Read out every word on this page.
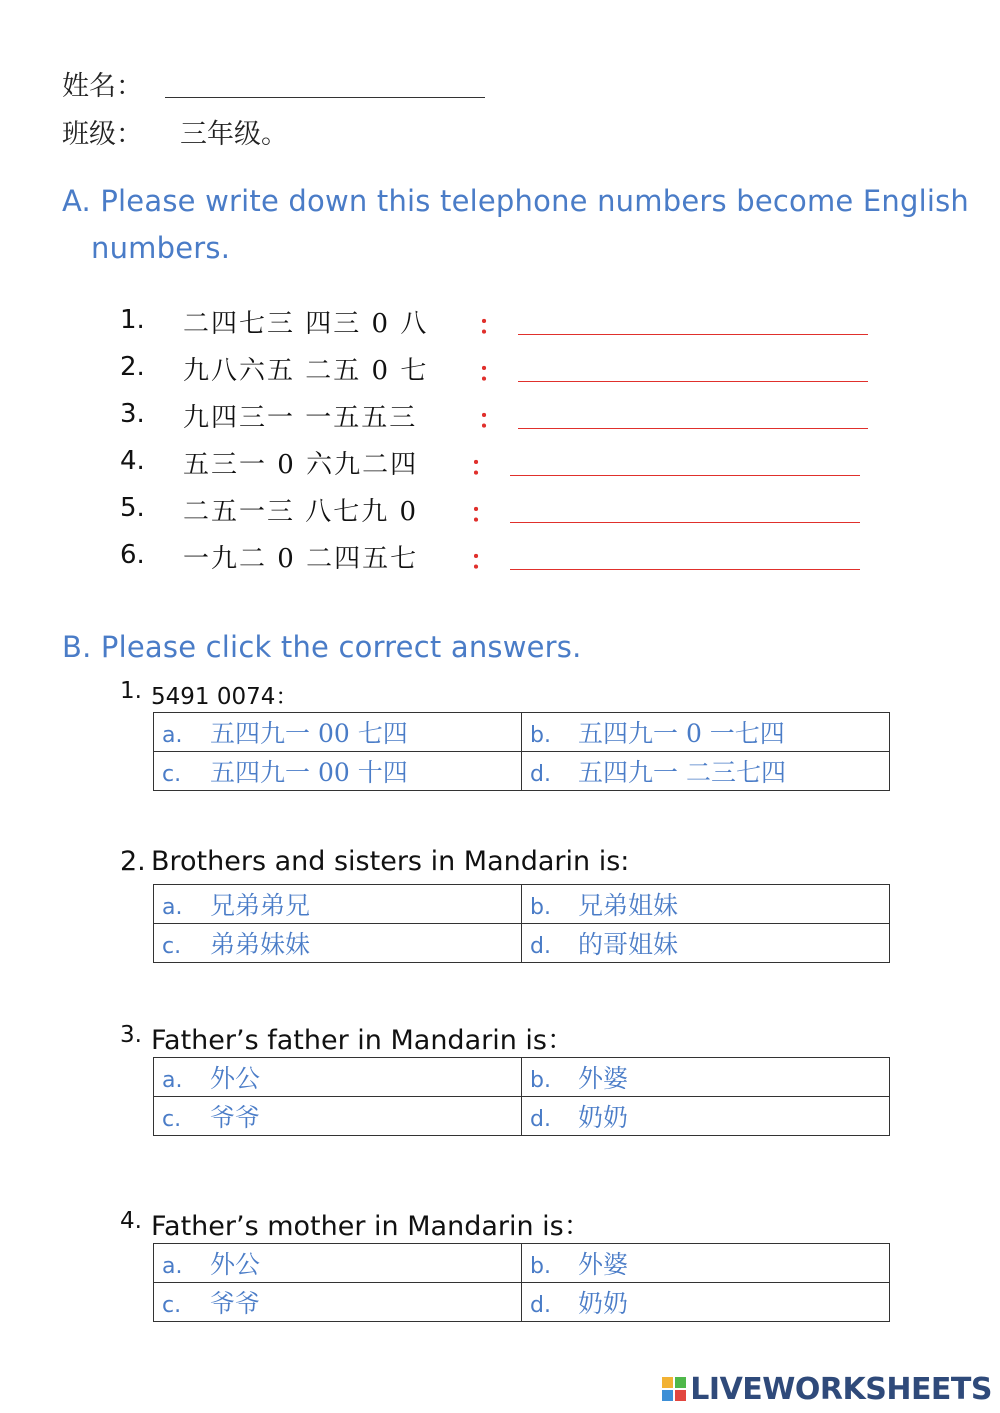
姓名：
班级： 三年级。
A. Please write down this telephone numbers become English
numbers.
1. 二四七三 四三 0 八 ：
2. 九八六五 二五 0 七 ：
3. 九四三一 一五五三 ：
4. 五三一 0 六九二四 ：
5. 二五一三 八七九 0 ：
6. 一九二 0 二四五七 ：
B. Please click the correct answers.
1. 5491 0074：
a. 五四九一 00 七四	b. 五四九一 0 一七四
c. 五四九一 00 十四	d. 五四九一 二三七四
2. Brothers and sisters in Mandarin is:
a. 兄弟弟兄	b. 兄弟姐妹
c. 弟弟妹妹	d. 的哥姐妹
3. Father’s father in Mandarin is：
a. 外公	b. 外婆
c. 爷爷	d. 奶奶
4. Father’s mother in Mandarin is：
a. 外公	b. 外婆
c. 爷爷	d. 奶奶
LIVEWORKSHEETS
